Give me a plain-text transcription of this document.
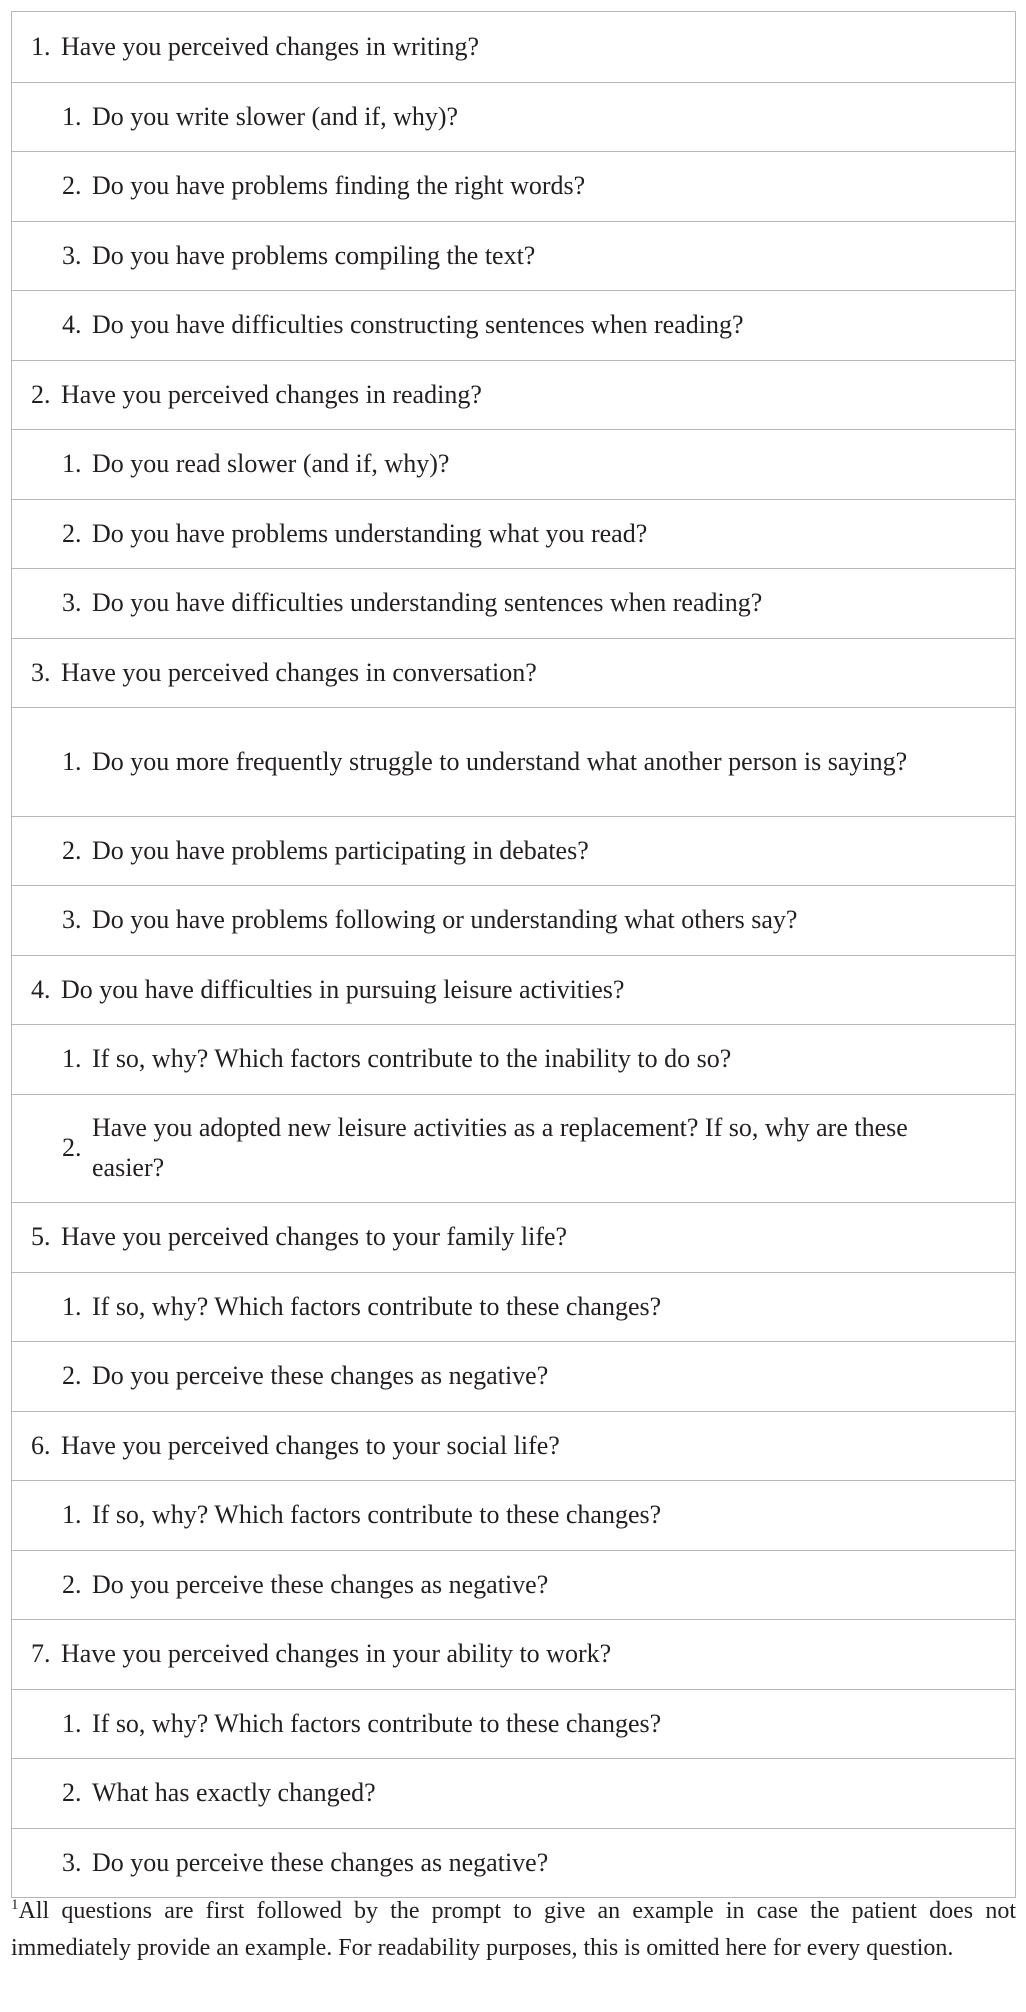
1. Have you perceived changes in writing?
1. Do you write slower (and if, why)?
2. Do you have problems finding the right words?
3. Do you have problems compiling the text?
4. Do you have difficulties constructing sentences when reading?
2. Have you perceived changes in reading?
1. Do you read slower (and if, why)?
2. Do you have problems understanding what you read?
3. Do you have difficulties understanding sentences when reading?
3. Have you perceived changes in conversation?
1. Do you more frequently struggle to understand what another person is saying?
2. Do you have problems participating in debates?
3. Do you have problems following or understanding what others say?
4. Do you have difficulties in pursuing leisure activities?
1. If so, why? Which factors contribute to the inability to do so?
2.
Have you adopted new leisure activities as a replacement? If so, why are these easier?
5. Have you perceived changes to your family life?
1. If so, why? Which factors contribute to these changes?
2. Do you perceive these changes as negative?
6. Have you perceived changes to your social life?
1. If so, why? Which factors contribute to these changes?
2. Do you perceive these changes as negative?
7. Have you perceived changes in your ability to work?
1. If so, why? Which factors contribute to these changes?
2. What has exactly changed?
3. Do you perceive these changes as negative?
$^1$All questions are first followed by the prompt to give an example in case the patient does not immediately provide an example. For readability purposes, this is omitted here for every question.
